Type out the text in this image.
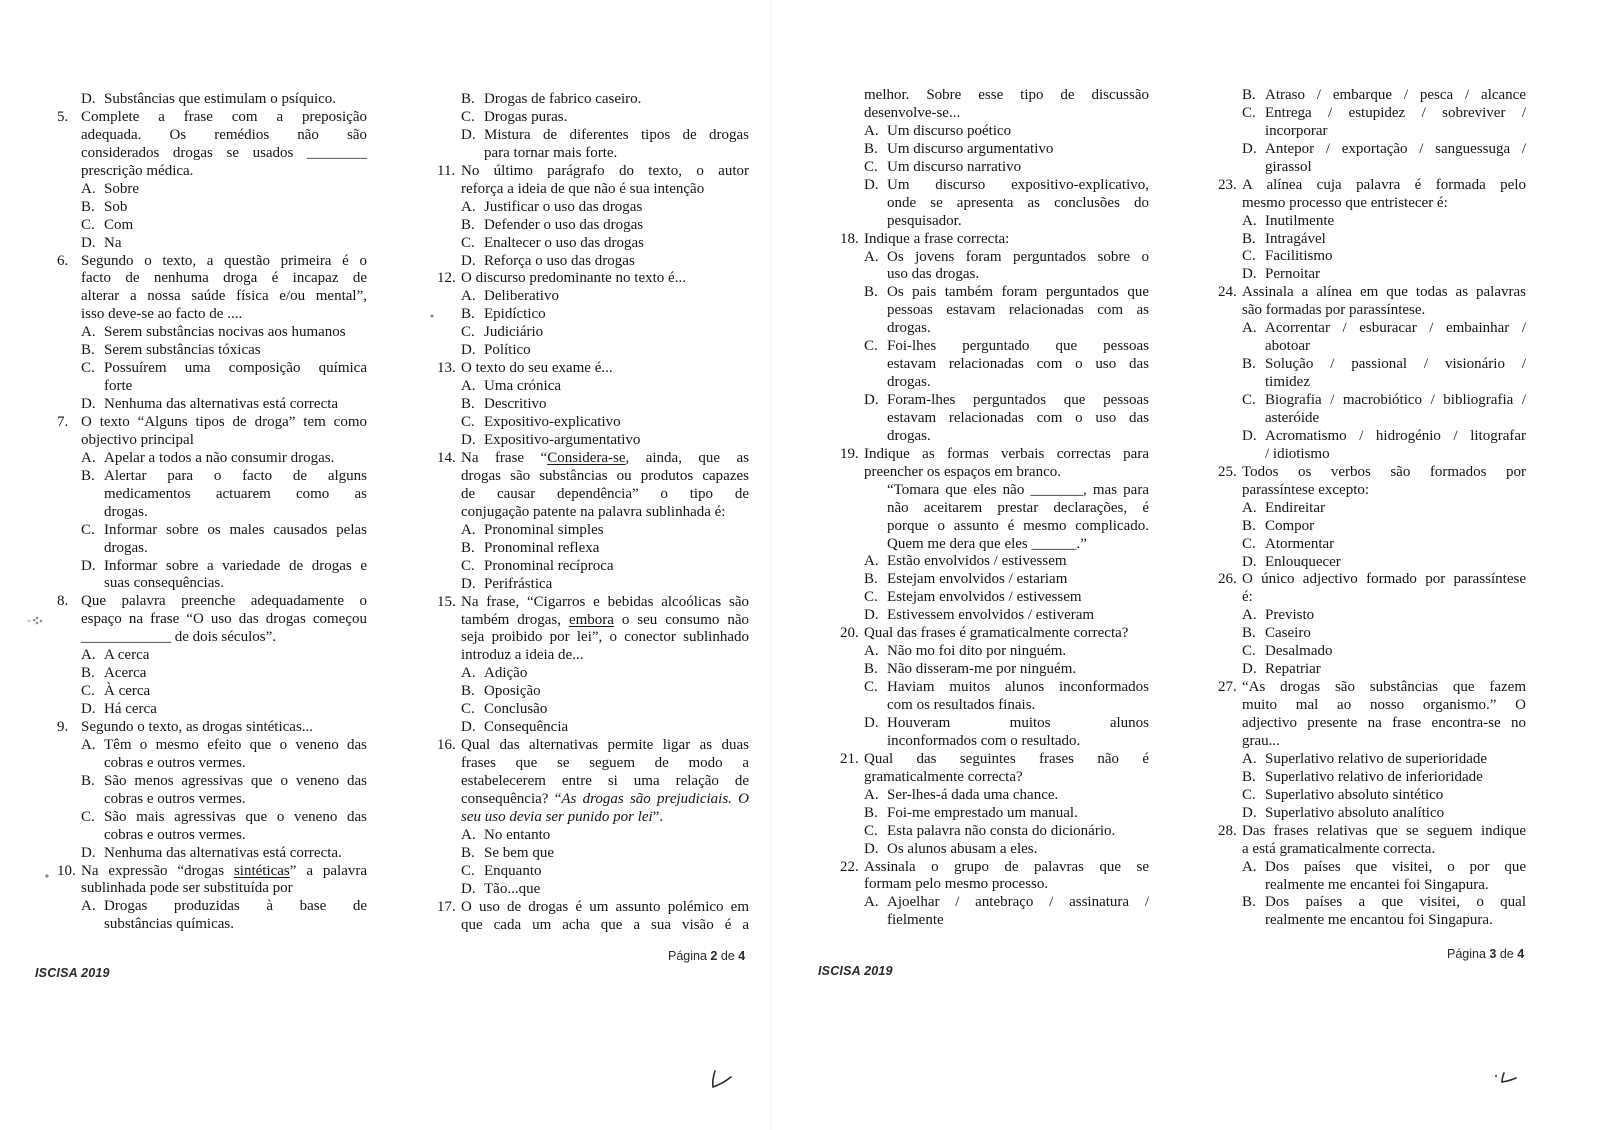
D. Substâncias que estimulam o psíquico.
5. Complete a frase com a preposição
adequada. Os remédios não são
considerados drogas se usados ________
prescrição médica.
A. Sobre
B. Sob
C. Com
D. Na
6. Segundo o texto, a questão primeira é o
facto de nenhuma droga é incapaz de
alterar a nossa saúde física e/ou mental”,
isso deve-se ao facto de ....
A. Serem substâncias nocivas aos humanos
B. Serem substâncias tóxicas
C. Possuírem uma composição química
forte
D. Nenhuma das alternativas está correcta
7. O texto “Alguns tipos de droga” tem como
objectivo principal
A. Apelar a todos a não consumir drogas.
B. Alertar para o facto de alguns
medicamentos actuarem como as
drogas.
C. Informar sobre os males causados pelas
drogas.
D. Informar sobre a variedade de drogas e
suas consequências.
8. Que palavra preenche adequadamente o
espaço na frase “O uso das drogas começou
____________ de dois séculos”.
A. A cerca
B. Acerca
C. À cerca
D. Há cerca
9. Segundo o texto, as drogas sintéticas...
A. Têm o mesmo efeito que o veneno das
cobras e outros vermes.
B. São menos agressivas que o veneno das
cobras e outros vermes.
C. São mais agressivas que o veneno das
cobras e outros vermes.
D. Nenhuma das alternativas está correcta.
10. Na expressão “drogas sintéticas” a palavra
sublinhada pode ser substituída por
A. Drogas produzidas à base de
substâncias químicas.
B. Drogas de fabrico caseiro.
C. Drogas puras.
D. Mistura de diferentes tipos de drogas
para tornar mais forte.
11. No último parágrafo do texto, o autor
reforça a ideia de que não é sua intenção
A. Justificar o uso das drogas
B. Defender o uso das drogas
C. Enaltecer o uso das drogas
D. Reforça o uso das drogas
12. O discurso predominante no texto é...
A. Deliberativo
B. Epidíctico
C. Judiciário
D. Político
13. O texto do seu exame é...
A. Uma crónica
B. Descritivo
C. Expositivo-explicativo
D. Expositivo-argumentativo
14. Na frase “Considera-se, ainda, que as
drogas são substâncias ou produtos capazes
de causar dependência” o tipo de
conjugação patente na palavra sublinhada é:
A. Pronominal simples
B. Pronominal reflexa
C. Pronominal recíproca
D. Perifrástica
15. Na frase, “Cigarros e bebidas alcoólicas são
também drogas, embora o seu consumo não
seja proibido por lei”, o conector sublinhado
introduz a ideia de...
A. Adição
B. Oposição
C. Conclusão
D. Consequência
16. Qual das alternativas permite ligar as duas
frases que se seguem de modo a
estabelecerem entre si uma relação de
consequência? “As drogas são prejudiciais. O
seu uso devia ser punido por lei”.
A. No entanto
B. Se bem que
C. Enquanto
D. Tão...que
17. O uso de drogas é um assunto polémico em
que cada um acha que a sua visão é a
ISCISA 2019
Página 2 de 4
melhor. Sobre esse tipo de discussão
desenvolve-se...
A. Um discurso poético
B. Um discurso argumentativo
C. Um discurso narrativo
D. Um discurso expositivo-explicativo,
onde se apresenta as conclusões do
pesquisador.
18. Indique a frase correcta:
A. Os jovens foram perguntados sobre o
uso das drogas.
B. Os pais também foram perguntados que
pessoas estavam relacionadas com as
drogas.
C. Foi-lhes perguntado que pessoas
estavam relacionadas com o uso das
drogas.
D. Foram-lhes perguntados que pessoas
estavam relacionadas com o uso das
drogas.
19. Indique as formas verbais correctas para
preencher os espaços em branco.
“Tomara que eles não _______, mas para
não aceitarem prestar declarações, é
porque o assunto é mesmo complicado.
Quem me dera que eles ______.”
A. Estão envolvidos / estivessem
B. Estejam envolvidos / estariam
C. Estejam envolvidos / estivessem
D. Estivessem envolvidos / estiveram
20. Qual das frases é gramaticalmente correcta?
A. Não mo foi dito por ninguém.
B. Não disseram-me por ninguém.
C. Haviam muitos alunos inconformados
com os resultados finais.
D. Houveram muitos alunos
inconformados com o resultado.
21. Qual das seguintes frases não é
gramaticalmente correcta?
A. Ser-lhes-á dada uma chance.
B. Foi-me emprestado um manual.
C. Esta palavra não consta do dicionário.
D. Os alunos abusam a eles.
22. Assinala o grupo de palavras que se
formam pelo mesmo processo.
A. Ajoelhar / antebraço / assinatura /
fielmente
B. Atraso / embarque / pesca / alcance
C. Entrega / estupidez / sobreviver /
incorporar
D. Antepor / exportação / sanguessuga /
girassol
23. A alínea cuja palavra é formada pelo
mesmo processo que entristecer é:
A. Inutilmente
B. Intragável
C. Facilitismo
D. Pernoitar
24. Assinala a alínea em que todas as palavras
são formadas por parassíntese.
A. Acorrentar / esburacar / embainhar /
abotoar
B. Solução / passional / visionário /
timidez
C. Biografia / macrobiótico / bibliografia /
asteróide
D. Acromatismo / hidrogénio / litografar
/ idiotismo
25. Todos os verbos são formados por
parassíntese excepto:
A. Endireitar
B. Compor
C. Atormentar
D. Enlouquecer
26. O único adjectivo formado por parassíntese
é:
A. Previsto
B. Caseiro
C. Desalmado
D. Repatriar
27. “As drogas são substâncias que fazem
muito mal ao nosso organismo.” O
adjectivo presente na frase encontra-se no
grau...
A. Superlativo relativo de superioridade
B. Superlativo relativo de inferioridade
C. Superlativo absoluto sintético
D. Superlativo absoluto analítico
28. Das frases relativas que se seguem indique
a está gramaticalmente correcta.
A. Dos países que visitei, o por que
realmente me encantei foi Singapura.
B. Dos países a que visitei, o qual
realmente me encantou foi Singapura.
ISCISA 2019
Página 3 de 4
